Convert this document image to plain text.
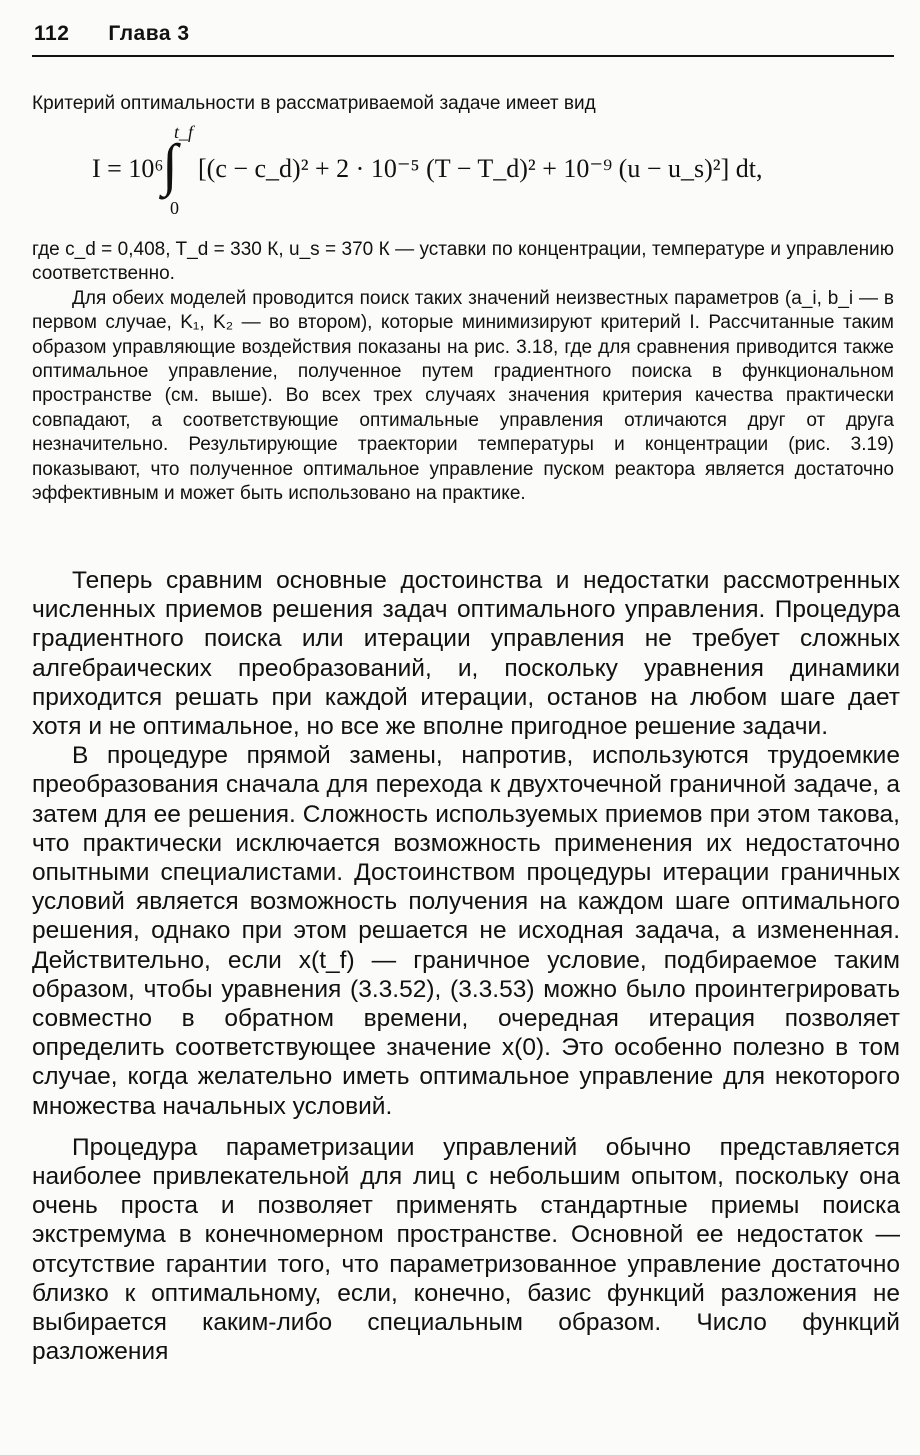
112 Глава 3

Критерий оптимальности в рассматриваемой задаче имеет вид

t_f
I = 10⁶
∫
0
[(c − c_d)² + 2 · 10⁻⁵ (T − T_d)² + 10⁻⁹ (u − u_s)²] dt,

где c_d = 0,408, T_d = 330 К, u_s = 370 К — уставки по концентрации, температуре и управлению соответственно.

Для обеих моделей проводится поиск таких значений неизвестных параметров (a_i, b_i — в первом случае, K₁, K₂ — во втором), которые минимизируют критерий I. Рассчитанные таким образом управляющие воздействия показаны на рис. 3.18, где для сравнения приводится также оптимальное управление, полученное путем градиентного поиска в функциональном пространстве (см. выше). Во всех трех случаях значения критерия качества практически совпадают, а соответствующие оптимальные управления отличаются друг от друга незначительно. Результирующие траектории температуры и концентрации (рис. 3.19) показывают, что полученное оптимальное управление пуском реактора является достаточно эффективным и может быть использовано на практике.

Теперь сравним основные достоинства и недостатки рассмотренных численных приемов решения задач оптимального управления. Процедура градиентного поиска или итерации управления не требует сложных алгебраических преобразований, и, поскольку уравнения динамики приходится решать при каждой итерации, останов на любом шаге дает хотя и не оптимальное, но все же вполне пригодное решение задачи.

В процедуре прямой замены, напротив, используются трудоемкие преобразования сначала для перехода к двухточечной граничной задаче, а затем для ее решения. Сложность используемых приемов при этом такова, что практически исключается возможность применения их недостаточно опытными специалистами. Достоинством процедуры итерации граничных условий является возможность получения на каждом шаге оптимального решения, однако при этом решается не исходная задача, а измененная. Действительно, если x(t_f) — граничное условие, подбираемое таким образом, чтобы уравнения (3.3.52), (3.3.53) можно было проинтегрировать совместно в обратном времени, очередная итерация позволяет определить соответствующее значение x(0). Это особенно полезно в том случае, когда желательно иметь оптимальное управление для некоторого множества начальных условий.

Процедура параметризации управлений обычно представляется наиболее привлекательной для лиц с небольшим опытом, поскольку она очень проста и позволяет применять стандартные приемы поиска экстремума в конечномерном пространстве. Основной ее недостаток — отсутствие гарантии того, что параметризованное управление достаточно близко к оптимальному, если, конечно, базис функций разложения не выбирается каким-либо специальным образом. Число функций разложения
